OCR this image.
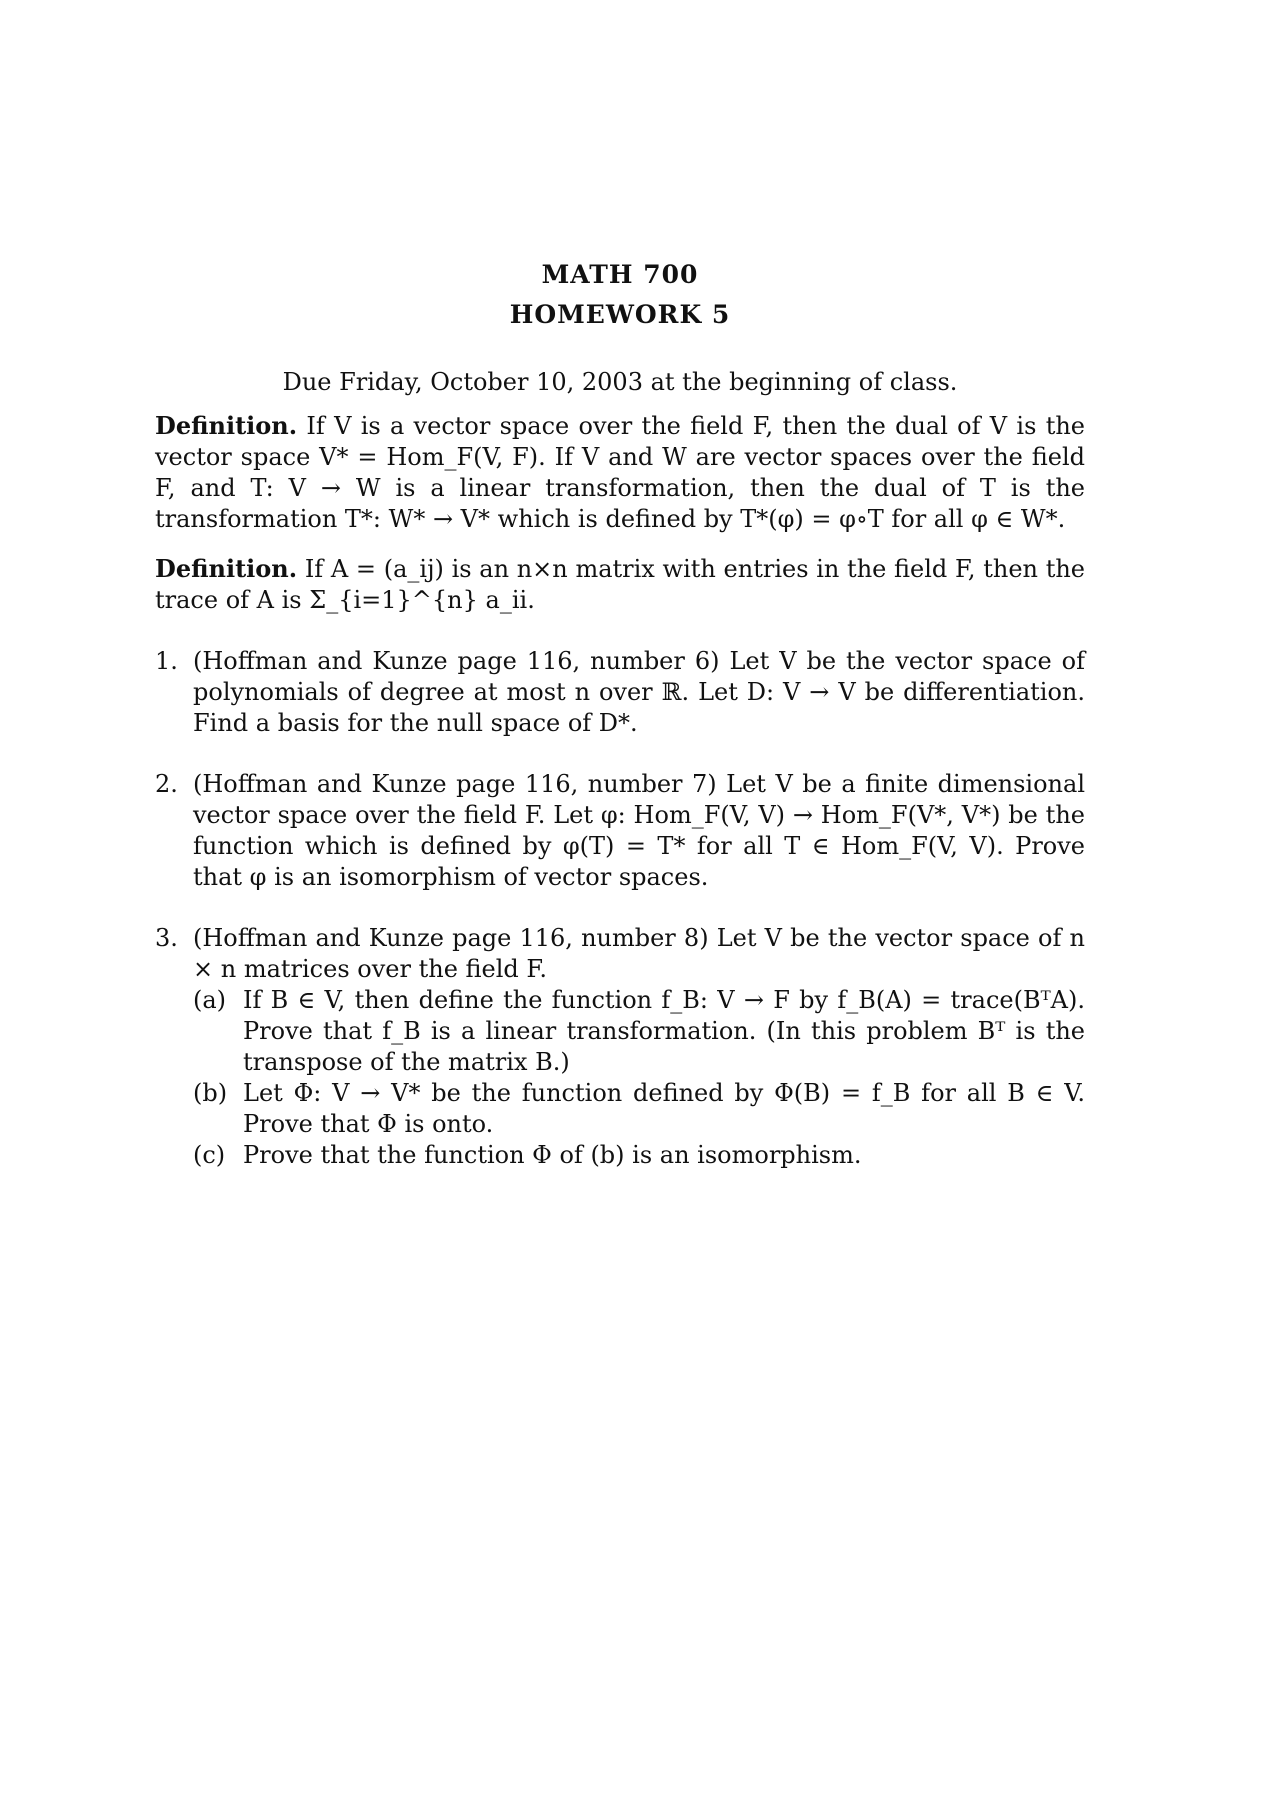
MATH 700
HOMEWORK 5
Due Friday, October 10, 2003 at the beginning of class.

Definition. If V is a vector space over the field F, then the dual of V is the vector space V* = Hom_F(V, F). If V and W are vector spaces over the field F, and T: V → W is a linear transformation, then the dual of T is the transformation T*: W* → V* which is defined by T*(φ) = φ∘T for all φ ∈ W*.

Definition. If A = (a_ij) is an n×n matrix with entries in the field F, then the trace of A is Σ_{i=1}^{n} a_ii.

1. (Hoffman and Kunze page 116, number 6) Let V be the vector space of polynomials of degree at most n over ℝ. Let D: V → V be differentiation. Find a basis for the null space of D*.
2. (Hoffman and Kunze page 116, number 7) Let V be a finite dimensional vector space over the field F. Let φ: Hom_F(V, V) → Hom_F(V*, V*) be the function which is defined by φ(T) = T* for all T ∈ Hom_F(V, V). Prove that φ is an isomorphism of vector spaces.
3. (Hoffman and Kunze page 116, number 8) Let V be the vector space of n × n matrices over the field F.
(a) If B ∈ V, then define the function f_B: V → F by f_B(A) = trace(BᵀA). Prove that f_B is a linear transformation. (In this problem Bᵀ is the transpose of the matrix B.)
(b) Let Φ: V → V* be the function defined by Φ(B) = f_B for all B ∈ V. Prove that Φ is onto.
(c) Prove that the function Φ of (b) is an isomorphism.
